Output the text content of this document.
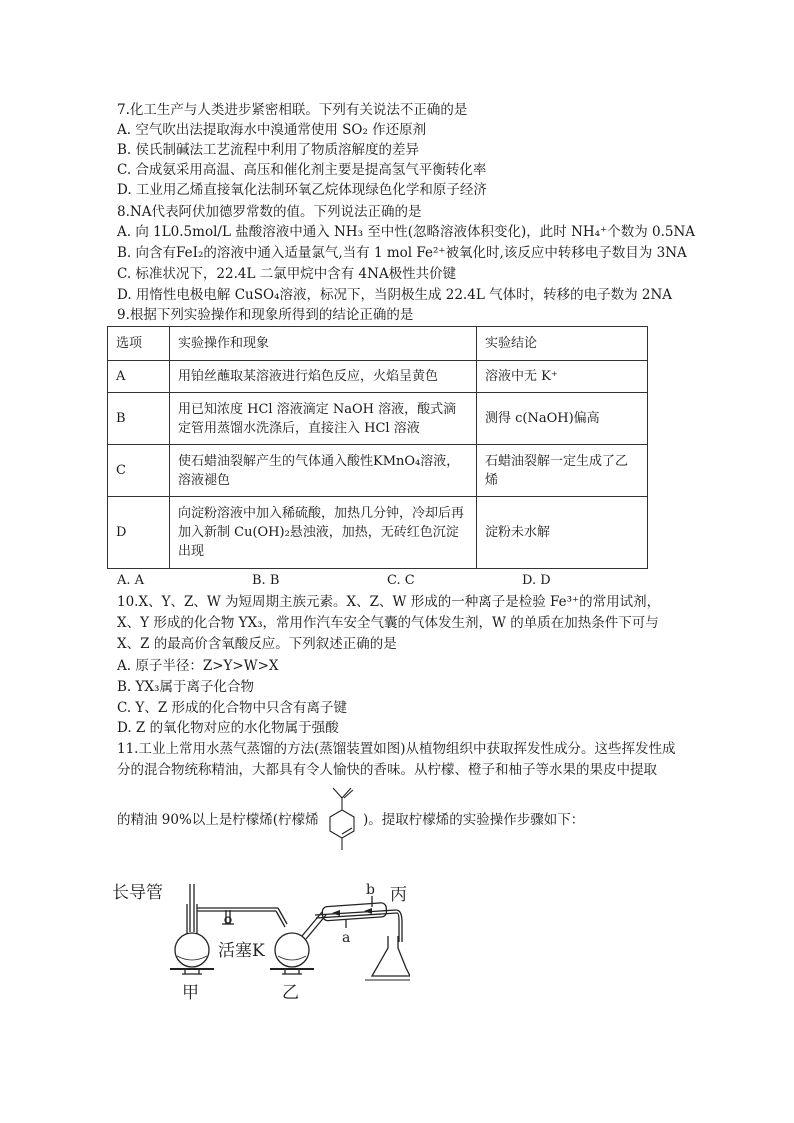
7.化工生产与人类进步紧密相联。下列有关说法不正确的是
A. 空气吹出法提取海水中溴通常使用 SO₂ 作还原剂
B. 侯氏制碱法工艺流程中利用了物质溶解度的差异
C. 合成氨采用高温、高压和催化剂主要是提高氢气平衡转化率
D. 工业用乙烯直接氧化法制环氧乙烷体现绿色化学和原子经济
8.NA代表阿伏加德罗常数的值。下列说法正确的是
A. 向 1L0.5mol/L 盐酸溶液中通入 NH₃ 至中性(忽略溶液体积变化)，此时 NH₄⁺个数为 0.5NA
B. 向含有FeI₂的溶液中通入适量氯气,当有 1 mol Fe²⁺被氧化时,该反应中转移电子数目为 3NA
C. 标准状况下，22.4L 二氯甲烷中含有 4NA极性共价键
D. 用惰性电极电解 CuSO₄溶液，标况下，当阴极生成 22.4L 气体时，转移的电子数为 2NA
9.根据下列实验操作和现象所得到的结论正确的是
选项	实验操作和现象	实验结论
A	用铂丝蘸取某溶液进行焰色反应，火焰呈黄色	溶液中无 K⁺
B	用已知浓度 HCl 溶液滴定 NaOH 溶液，酸式滴定管用蒸馏水洗涤后，直接注入 HCl 溶液	测得 c(NaOH)偏高
C	使石蜡油裂解产生的气体通入酸性KMnO₄溶液，溶液褪色	石蜡油裂解一定生成了乙烯
D	向淀粉溶液中加入稀硫酸，加热几分钟，冷却后再加入新制 Cu(OH)₂悬浊液，加热，无砖红色沉淀出现	淀粉未水解
A. A	B. B	C. C	D. D
10.X、Y、Z、W 为短周期主族元素。X、Z、W 形成的一种离子是检验 Fe³⁺的常用试剂，X、Y 形成的化合物 YX₃，常用作汽车安全气囊的气体发生剂，W 的单质在加热条件下可与 X、Z 的最高价含氧酸反应。下列叙述正确的是
A. 原子半径：Z>Y>W>X
B. YX₃属于离子化合物
C. Y、Z 形成的化合物中只含有离子键
D. Z 的氧化物对应的水化物属于强酸
11.工业上常用水蒸气蒸馏的方法(蒸馏装置如图)从植物组织中获取挥发性成分。这些挥发性成分的混合物统称精油，大都具有令人愉快的香味。从柠檬、橙子和柚子等水果的果皮中提取
的精油 90%以上是柠檬烯(柠檬烯	)。提取柠檬烯的实验操作步骤如下：
长导管
活塞K
b
a
甲	乙
丙
